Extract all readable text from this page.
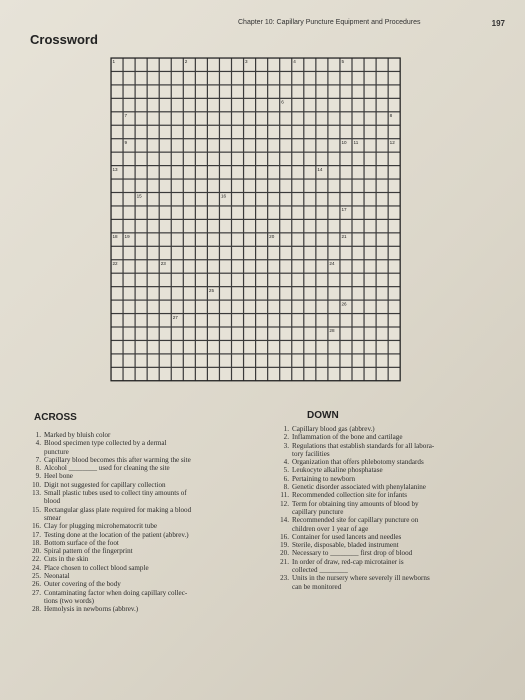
Chapter 10: Capillary Puncture Equipment and Procedures	197
Crossword
1	2	3	4	5
6
7	8
9	10 11	12
13	14
15	16
17
18 19	20	21
22	23	24
25
26
27
28
ACROSS	DOWN
1. Marked by bluish color
4. Blood specimen type collected by a dermal
puncture
7. Capillary blood becomes this after warming the site
8. Alcohol ________ used for cleaning the site
9. Heel bone
10. Digit not suggested for capillary collection
13. Small plastic tubes used to collect tiny amounts of
blood
15. Rectangular glass plate required for making a blood
smear
16. Clay for plugging microhematocrit tube
17. Testing done at the location of the patient (abbrev.)
18. Bottom surface of the foot
20. Spiral pattern of the fingerprint
22. Cuts in the skin
24. Place chosen to collect blood sample
25. Neonatal
26. Outer covering of the body
27. Contaminating factor when doing capillary collec-
tions (two words)
28. Hemolysis in newborns (abbrev.)
1. Capillary blood gas (abbrev.)
2. Inflammation of the bone and cartilage
3. Regulations that establish standards for all labora-
tory facilities
4. Organization that offers phlebotomy standards
5. Leukocyte alkaline phosphatase
6. Pertaining to newborn
8. Genetic disorder associated with phenylalanine
11. Recommended collection site for infants
12. Term for obtaining tiny amounts of blood by
capillary puncture
14. Recommended site for capillary puncture on
children over 1 year of age
16. Container for used lancets and needles
19. Sterile, disposable, bladed instrument
20. Necessary to ________ first drop of blood
21. In order of draw, red-cap microtainer is
collected ________
23. Units in the nursery where severely ill newborns
can be monitored
